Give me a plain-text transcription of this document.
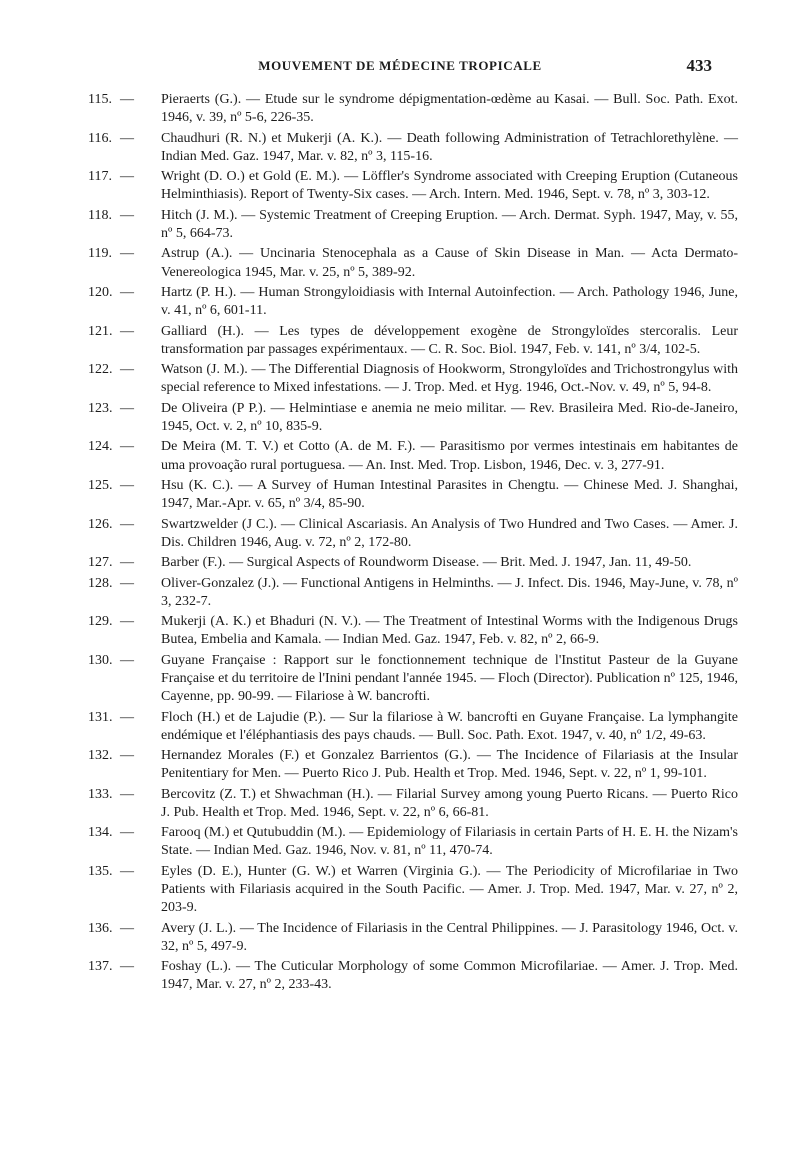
MOUVEMENT DE MÉDECINE TROPICALE	433
115. — Pieraerts (G.). — Etude sur le syndrome dépigmentation-œdème au Kasai. — Bull. Soc. Path. Exot. 1946, v. 39, nº 5-6, 226-35.
116. — Chaudhuri (R. N.) et Mukerji (A. K.). — Death following Administration of Tetrachlorethylène. — Indian Med. Gaz. 1947, Mar. v. 82, nº 3, 115-16.
117. — Wright (D. O.) et Gold (E. M.). — Löffler's Syndrome associated with Creeping Eruption (Cutaneous Helminthiasis). Report of Twenty-Six cases. — Arch. Intern. Med. 1946, Sept. v. 78, nº 3, 303-12.
118. — Hitch (J. M.). — Systemic Treatment of Creeping Eruption. — Arch. Dermat. Syph. 1947, May, v. 55, nº 5, 664-73.
119. — Astrup (A.). — Uncinaria Stenocephala as a Cause of Skin Disease in Man. — Acta Dermato-Venereologica 1945, Mar. v. 25, nº 5, 389-92.
120. — Hartz (P. H.). — Human Strongyloidiasis with Internal Autoinfection. — Arch. Pathology 1946, June, v. 41, nº 6, 601-11.
121. — Galliard (H.). — Les types de développement exogène de Strongyloïdes stercoralis. Leur transformation par passages expérimentaux. — C. R. Soc. Biol. 1947, Feb. v. 141, nº 3/4, 102-5.
122. — Watson (J. M.). — The Differential Diagnosis of Hookworm, Strongyloïdes and Trichostrongylus with special reference to Mixed infestations. — J. Trop. Med. et Hyg. 1946, Oct.-Nov. v. 49, nº 5, 94-8.
123. — De Oliveira (P P.). — Helmintiase e anemia ne meio militar. — Rev. Brasileira Med. Rio-de-Janeiro, 1945, Oct. v. 2, nº 10, 835-9.
124. — De Meira (M. T. V.) et Cotto (A. de M. F.). — Parasitismo por vermes intestinais em habitantes de uma provoação rural portuguesa. — An. Inst. Med. Trop. Lisbon, 1946, Dec. v. 3, 277-91.
125. — Hsu (K. C.). — A Survey of Human Intestinal Parasites in Chengtu. — Chinese Med. J. Shanghai, 1947, Mar.-Apr. v. 65, nº 3/4, 85-90.
126. — Swartzwelder (J C.). — Clinical Ascariasis. An Analysis of Two Hundred and Two Cases. — Amer. J. Dis. Children 1946, Aug. v. 72, nº 2, 172-80.
127. — Barber (F.). — Surgical Aspects of Roundworm Disease. — Brit. Med. J. 1947, Jan. 11, 49-50.
128. — Oliver-Gonzalez (J.). — Functional Antigens in Helminths. — J. Infect. Dis. 1946, May-June, v. 78, nº 3, 232-7.
129. — Mukerji (A. K.) et Bhaduri (N. V.). — The Treatment of Intestinal Worms with the Indigenous Drugs Butea, Embelia and Kamala. — Indian Med. Gaz. 1947, Feb. v. 82, nº 2, 66-9.
130. — Guyane Française : Rapport sur le fonctionnement technique de l'Institut Pasteur de la Guyane Française et du territoire de l'Inini pendant l'année 1945. — Floch (Director). Publication nº 125, 1946, Cayenne, pp. 90-99. — Filariose à W. bancrofti.
131. — Floch (H.) et de Lajudie (P.). — Sur la filariose à W. bancrofti en Guyane Française. La lymphangite endémique et l'éléphantiasis des pays chauds. — Bull. Soc. Path. Exot. 1947, v. 40, nº 1/2, 49-63.
132. — Hernandez Morales (F.) et Gonzalez Barrientos (G.). — The Incidence of Filariasis at the Insular Penitentiary for Men. — Puerto Rico J. Pub. Health et Trop. Med. 1946, Sept. v. 22, nº 1, 99-101.
133. — Bercovitz (Z. T.) et Shwachman (H.). — Filarial Survey among young Puerto Ricans. — Puerto Rico J. Pub. Health et Trop. Med. 1946, Sept. v. 22, nº 6, 66-81.
134. — Farooq (M.) et Qutubuddin (M.). — Epidemiology of Filariasis in certain Parts of H. E. H. the Nizam's State. — Indian Med. Gaz. 1946, Nov. v. 81, nº 11, 470-74.
135. — Eyles (D. E.), Hunter (G. W.) et Warren (Virginia G.). — The Periodicity of Microfilariae in Two Patients with Filariasis acquired in the South Pacific. — Amer. J. Trop. Med. 1947, Mar. v. 27, nº 2, 203-9.
136. — Avery (J. L.). — The Incidence of Filariasis in the Central Philippines. — J. Parasitology 1946, Oct. v. 32, nº 5, 497-9.
137. — Foshay (L.). — The Cuticular Morphology of some Common Microfilariae. — Amer. J. Trop. Med. 1947, Mar. v. 27, nº 2, 233-43.
